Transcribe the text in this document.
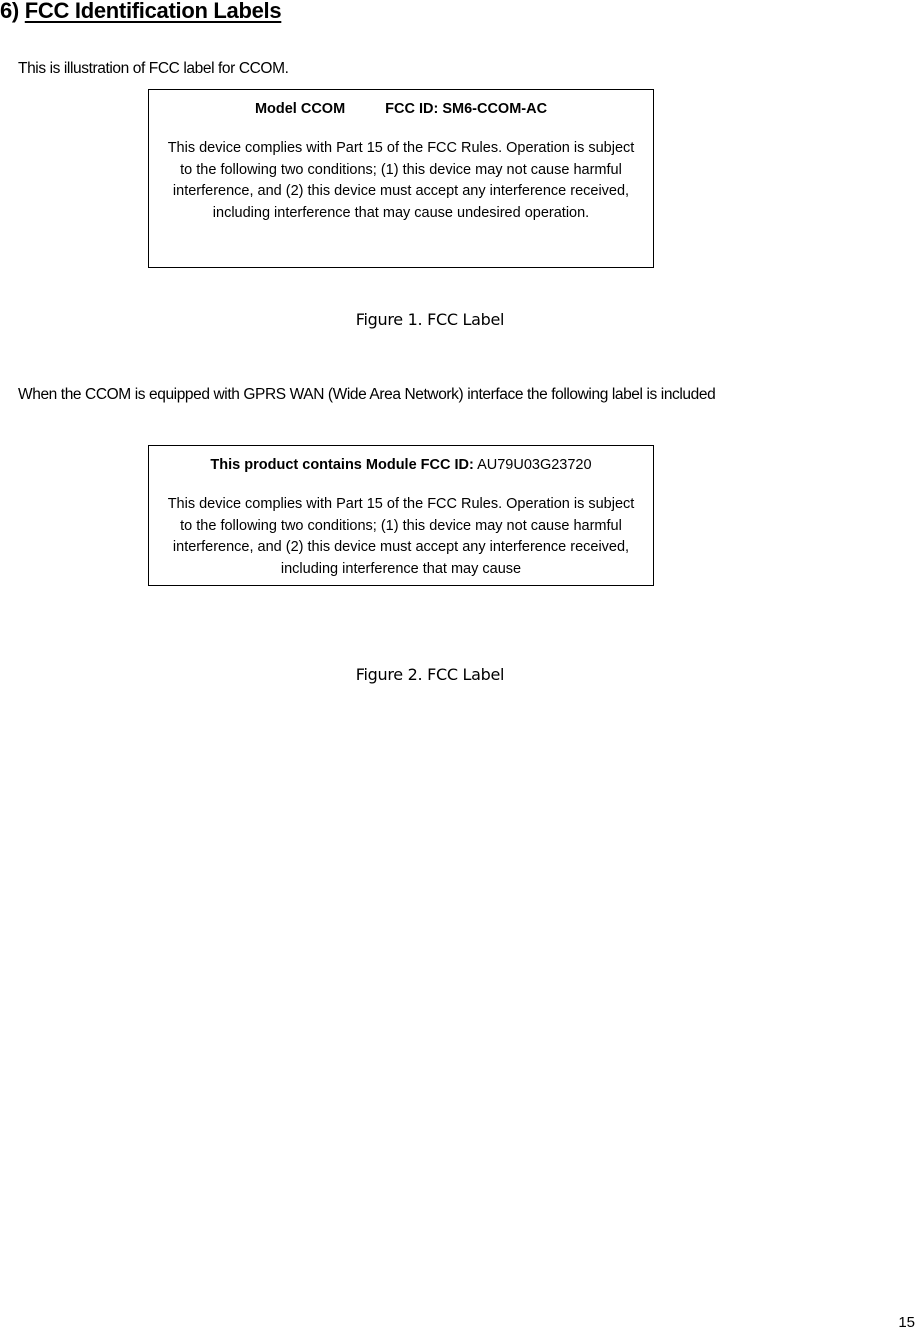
6) FCC Identification Labels
This is illustration of FCC label for CCOM.
Model CCOM	FCC ID: SM6-CCOM-AC
This device complies with Part 15 of the FCC Rules. Operation is subject to the following two conditions; (1) this device may not cause harmful interference, and (2) this device must accept any interference received, including interference that may cause undesired operation.
Figure 1. FCC Label
When the CCOM is equipped with GPRS WAN (Wide Area Network) interface the following label is included
This product contains Module FCC ID: AU79U03G23720
This device complies with Part 15 of the FCC Rules. Operation is subject to the following two conditions; (1) this device may not cause harmful interference, and (2) this device must accept any interference received, including interference that may cause
Figure 2. FCC Label
15
